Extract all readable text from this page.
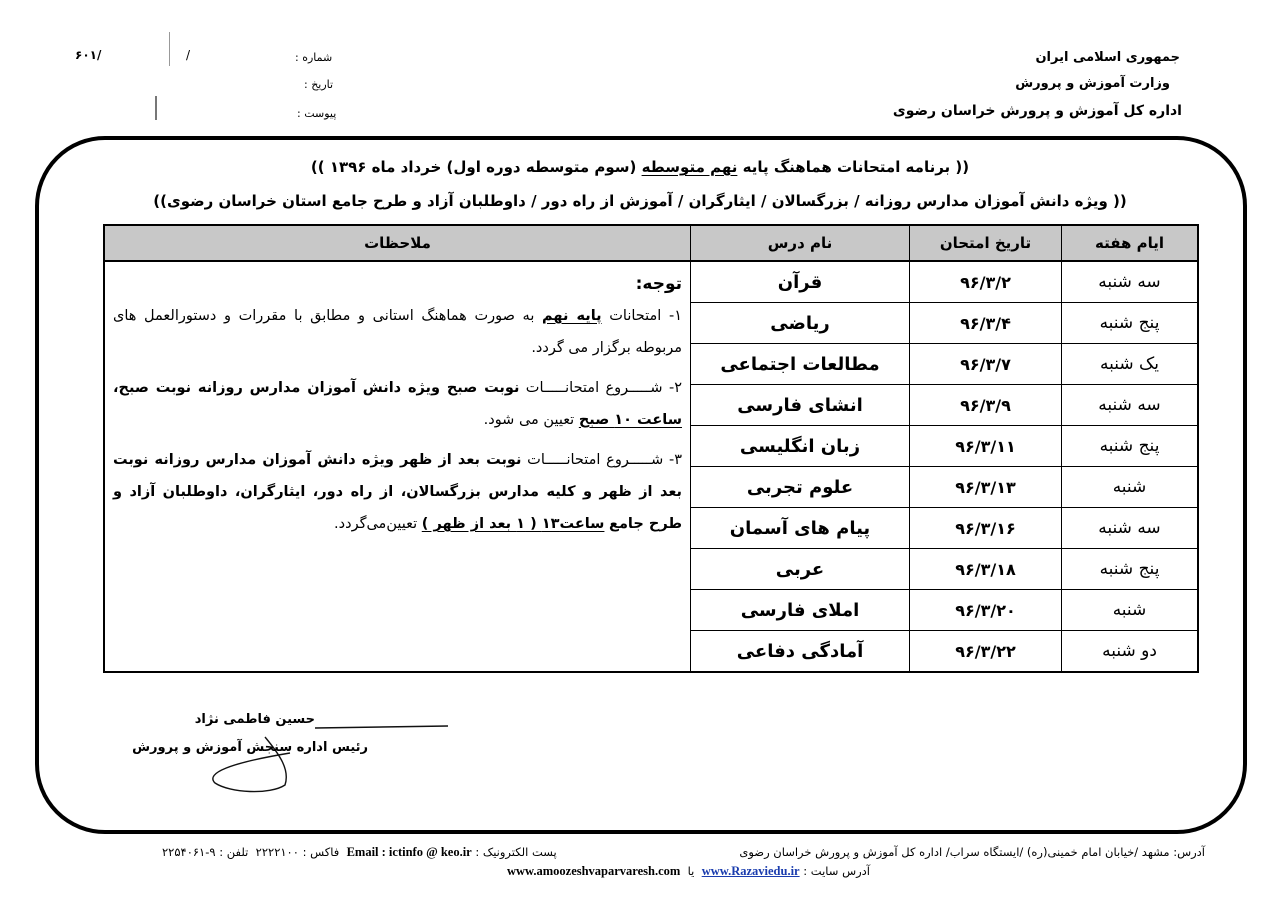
جمهوری اسلامی ایران
وزارت آموزش و پرورش
اداره کل آموزش و پرورش خراسان رضوی
شماره :
/
۶۰۱/
تاریخ :
پیوست :
(( برنامه امتحانات هماهنگ پایه نهم متوسطه (سوم متوسطه دوره اول) خرداد ماه ۱۳۹۶ ))
(( ویژه دانش آموزان مدارس روزانه / بزرگسالان / ایثارگران / آموزش از راه دور / داوطلبان آزاد و طرح جامع استان خراسان رضوی))
ایام هفته	تاریخ امتحان	نام درس	ملاحظات
سه شنبه	۹۶/۳/۲	قرآن	توجه:

۱- امتحانات پایه نهم به صورت هماهنگ استانی و مطابق با مقررات و دستورالعمل های مربوطه برگزار می گردد.

۲- شـــــروع امتحانـــــات نوبت صبح ویژه دانش آموزان مدارس روزانه نوبت صبح، ساعت ۱۰ صبح تعیین می شود.

۳- شـــــروع امتحانـــــات نوبت بعد از ظهر ویژه دانش آموزان مدارس روزانه نوبت بعد از ظهر و کلیه مدارس بزرگسالان، از راه دور، ایثارگران، داوطلبان آزاد و طرح جامع ساعت۱۳ ( ۱ بعد از ظهر ) تعیین‌می‌گردد.

پنج شنبه	۹۶/۳/۴	ریاضی	
یک شنبه	۹۶/۳/۷	مطالعات اجتماعی	
سه شنبه	۹۶/۳/۹	انشای فارسی	
پنج شنبه	۹۶/۳/۱۱	زبان انگلیسی	
شنبه	۹۶/۳/۱۳	علوم تجربی	
سه شنبه	۹۶/۳/۱۶	پیام های آسمان	
پنج شنبه	۹۶/۳/۱۸	عربی	
شنبه	۹۶/۳/۲۰	املای فارسی	
دو شنبه	۹۶/۳/۲۲	آمادگی دفاعی	
حسین فاطمی نژاد
رئیس اداره سنجش آموزش و پرورش
آدرس: مشهد /خیابان امام خمینی(ره) /ایستگاه سراب/ اداره کل آموزش و پرورش خراسان رضوی
پست الکترونیک : Email : ictinfo @ keo.ir  فاکس : ۲۲۲۲۱۰۰  تلفن : ۹-۲۲۵۴۰۶۱
آدرس سایت : www.Razaviedu.ir  یا  www.amoozeshvaparvaresh.com
